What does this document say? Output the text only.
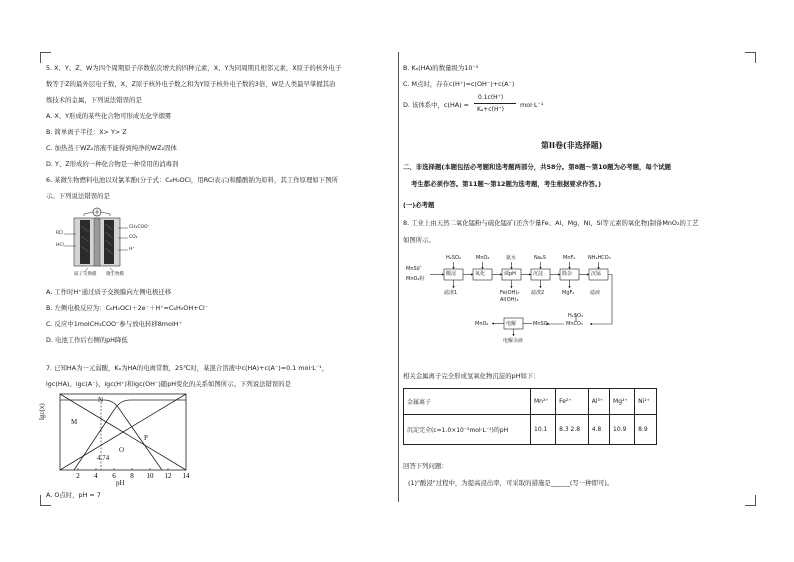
5. X、Y、Z、W为四个周期原子序数依次增大的四种元素，X、Y为同周期且相邻元素，X原子的核外电子
数等于Z的最外层电子数，X、Z原子核外电子数之和为Y原子核外电子数的3倍，W是人类最早掌握其冶
炼技术的金属，下列说法错误的是
A. X、Y形成的某些化合物可形成光化学烟雾
B. 简单离子半径：X> Y> Z
C. 加热蒸干WZ₂溶液不能得到纯净的WZ₂固体
D. Y、Z形成的一种化合物是一种常用的消毒剂
6. 某微生物燃料电池以对氯苯酚(分子式：C₆H₅OCl，用RCl表示)和醋酸钠为原料，其工作原理如下图所
示。下列说法错误的是
RCl
HCl
CH₃COO⁻
CO₂
H⁺
质子交换膜 微生物膜
A. 工作时H⁺通过质子交换膜向左侧电极迁移
B. 左侧电极反应为：C₆H₅OCl＋2e⁻＋H⁺=C₆H₅OH+Cl⁻
C. 反应中1molCH₃COO⁻参与放电转移8molH⁺
D. 电池工作后右侧的pH降低
7. 已知HA为一元弱酸，Kₐ为HA的电离常数，25℃时，某混合溶液中c(HA)+c(A⁻)=0.1 mol·L⁻¹，
lgc(HA)、lgc(A⁻)、lgc(H⁺)和lgc(OH⁻)随pH变化的关系如图所示。下列说法错误的是
2 4 6 8 10 12 14
lgc(x)
pH
M
N
O
P
4.74
A. O点时，pH = 7
B. Kₐ(HA)的数量级为10⁻⁵
C. M点时，存在c(H⁺)=c(OH⁻)+c(A⁻)
D. 该体系中，c(HA) =
0.1c(H⁺)
Kₐ+c(H⁺)
mol·L⁻¹
第II卷(非选择题)
二、非选择题(本题包括必考题和选考题两部分，共58分。第8题～第10题为必考题，每个试题
考生都必须作答。第11题～第12题为选考题，考生根据要求作答。)
(一)必考题
8. 工业上由天然二氧化锰粉与硫化锰矿(还含少量Fe、Al、Mg、Ni、Si等元素的氧化物)制备MnO₂的工艺
如图所示。
MnS矿
MnO₂粉
H₂SO₄	MnO₂	氨水	Na₂S	MnF₂	NH₄HCO₃
酸浸	氧化	调pH	沉淀	除杂	沉锰
滤渣1	Fe(OH)₃
Al(OH)₃
滤渣2	MgF₂	滤液
H₂SO₄
MnSO₄	MnCO₃
电解
MnO₂
电解余液
相关金属离子完全形成氢氧化物沉淀的pH如下：
金属离子	Mn²⁺	Fe²⁺	Al³⁺	Mg²⁺	Ni²⁺
沉淀完全(c=1.0×10⁻⁵mol·L⁻¹)的pH	10.1	8.3 2.8	4.8	10.9	8.9
回答下列问题：
(1)"酸浸"过程中，为提高浸出率，可采取的措施是______(写一种即可)。
